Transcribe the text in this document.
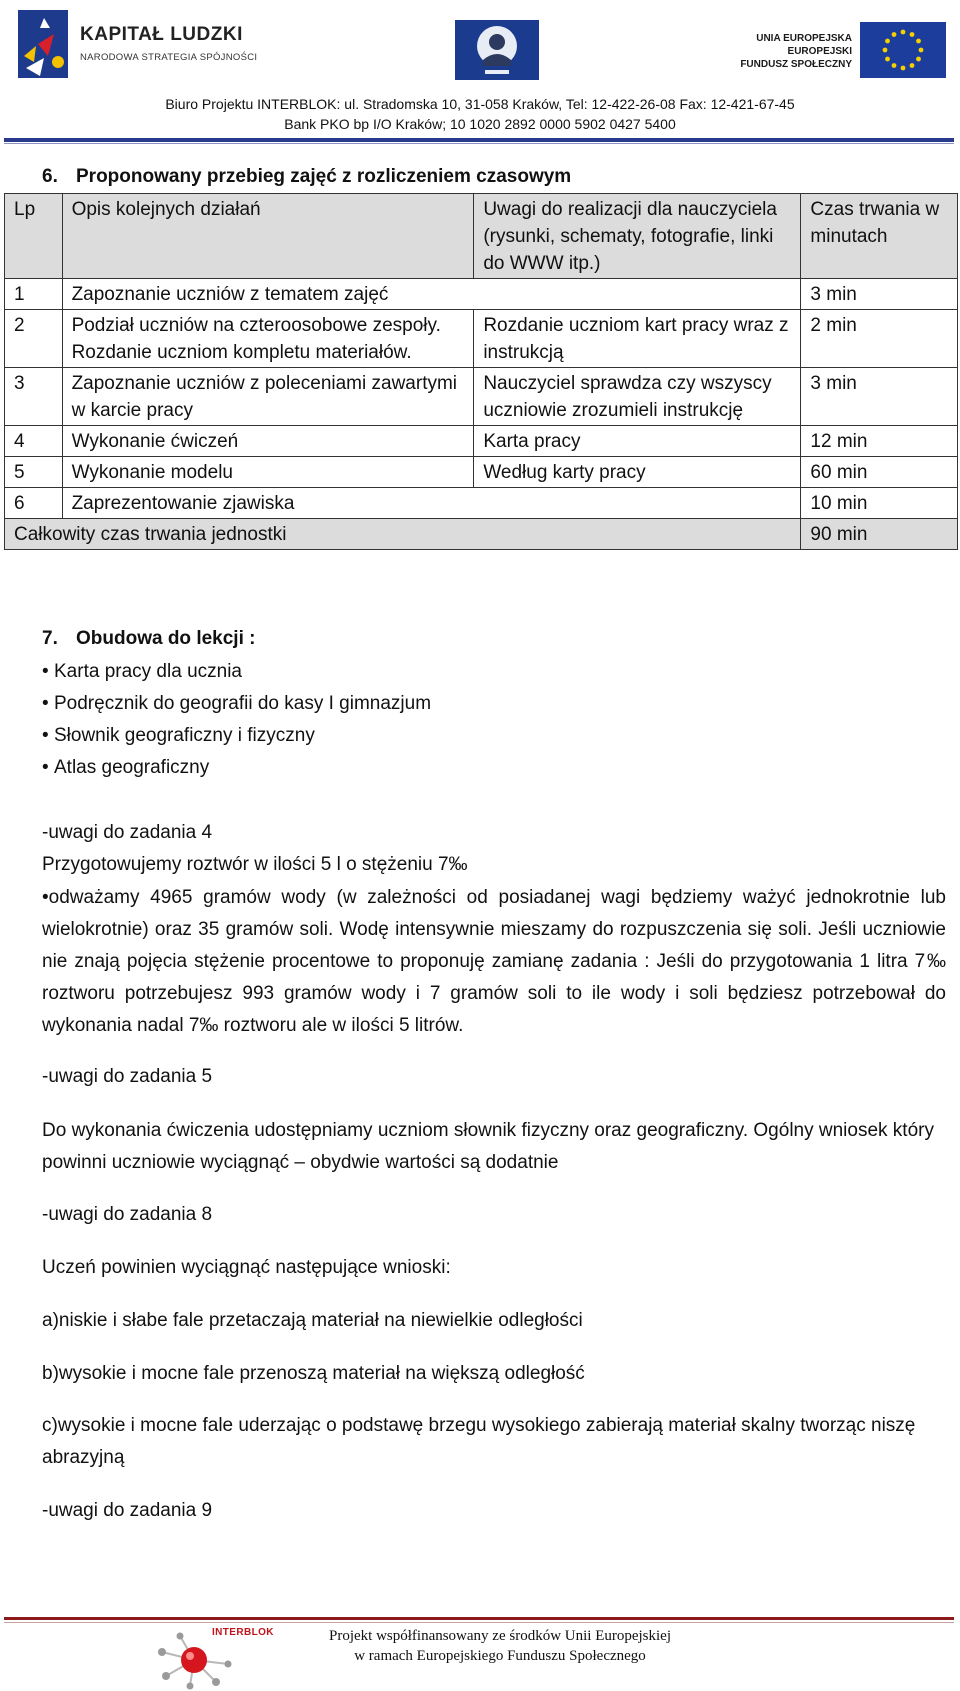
KAPITAŁ LUDZKI
NARODOWA STRATEGIA SPÓJNOŚCI
UNIA EUROPEJSKA
EUROPEJSKI
FUNDUSZ SPOŁECZNY
Biuro Projektu INTERBLOK: ul. Stradomska 10, 31-058 Kraków, Tel: 12-422-26-08 Fax: 12-421-67-45
Bank PKO bp I/O Kraków; 10 1020 2892 0000 5902 0427 5400
6. Proponowany przebieg zajęć z rozliczeniem czasowym
Lp	Opis kolejnych działań	Uwagi do realizacji dla nauczyciela (rysunki, schematy, fotografie, linki do WWW itp.)	Czas trwania w minutach
1	Zapoznanie uczniów z tematem zajęć		3 min
2	Podział uczniów na czteroosobowe zespoły. Rozdanie uczniom kompletu materiałów.	Rozdanie uczniom kart pracy wraz z instrukcją	2 min
3	Zapoznanie uczniów z poleceniami zawartymi w karcie pracy	Nauczyciel sprawdza czy wszyscy uczniowie zrozumieli instrukcję	3 min
4	Wykonanie ćwiczeń	Karta pracy	12 min
5	Wykonanie modelu	Według karty pracy	60 min
6	Zaprezentowanie zjawiska		10 min
Całkowity czas trwania jednostki			90 min
7. Obudowa do lekcji :
• Karta pracy dla ucznia
• Podręcznik do geografii do kasy I gimnazjum
• Słownik geograficzny i fizyczny
• Atlas geograficzny
-uwagi do zadania 4
Przygotowujemy roztwór w ilości 5 l o stężeniu 7‰
•odważamy 4965 gramów wody (w zależności od posiadanej wagi będziemy ważyć jednokrotnie lub wielokrotnie) oraz 35 gramów soli. Wodę intensywnie mieszamy do rozpuszczenia się soli. Jeśli uczniowie nie znają pojęcia stężenie procentowe to proponuję zamianę zadania : Jeśli do przygotowania 1 litra 7‰ roztworu potrzebujesz 993 gramów wody i 7 gramów soli to ile wody i soli będziesz potrzebował do wykonania nadal 7‰ roztworu ale w ilości 5 litrów.
-uwagi do zadania 5
Do wykonania ćwiczenia udostępniamy uczniom słownik fizyczny oraz geograficzny. Ogólny wniosek który powinni uczniowie wyciągnąć – obydwie wartości są dodatnie
-uwagi do zadania 8
Uczeń powinien wyciągnąć następujące wnioski:
a)niskie i słabe fale przetaczają materiał na niewielkie odległości
b)wysokie i mocne fale przenoszą materiał na większą odległość
c)wysokie i mocne fale uderzając o podstawę brzegu wysokiego zabierają materiał skalny tworząc niszę abrazyjną
-uwagi do zadania 9
INTERBLOK	Projekt współfinansowany ze środków Unii Europejskiej
w ramach Europejskiego Funduszu Społecznego
